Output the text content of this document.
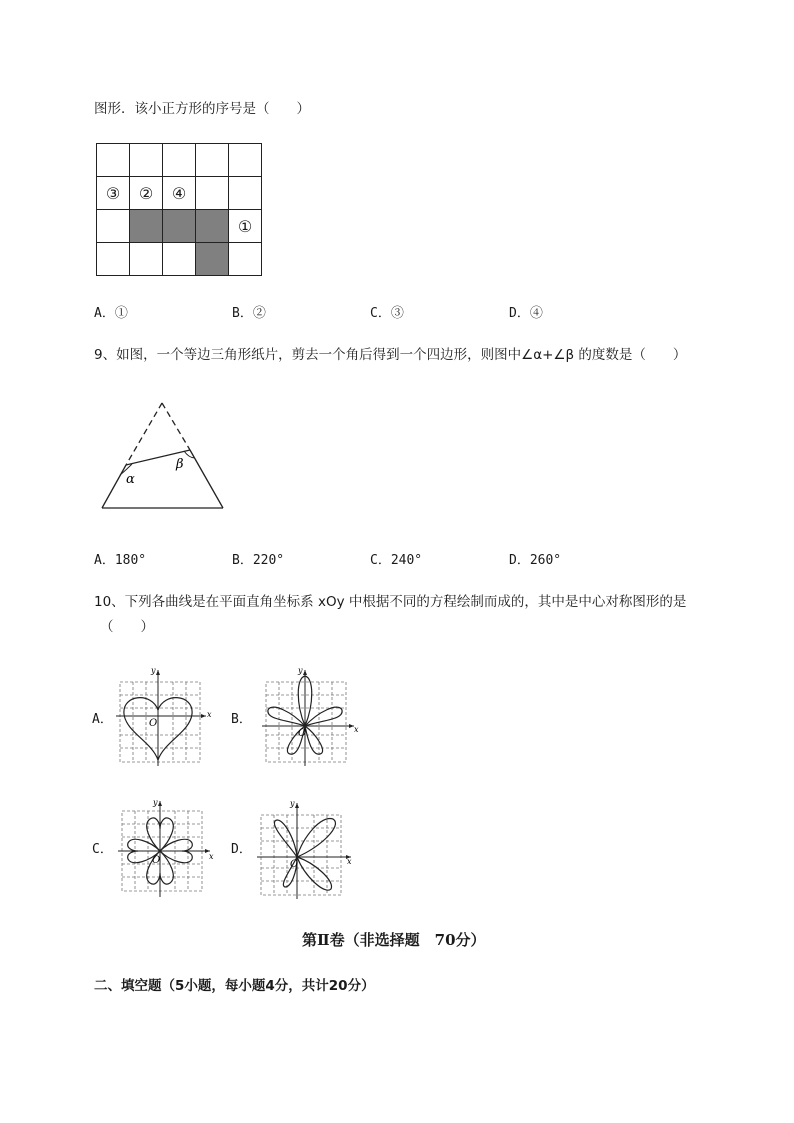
图形．该小正方形的序号是（　　）
③	②	④
①
A．①	B．②	C．③	D．④
9、如图，一个等边三角形纸片，剪去一个角后得到一个四边形，则图中∠α+∠β 的度数是（　　）
α
β
A．180°	B．220°	C．240°	D．260°
10、下列各曲线是在平面直角坐标系 xOy 中根据不同的方程绘制而成的，其中是中心对称图形的是
（　　）
A．	B．
C．	D．
x
y
O
x
y
O
x
y
O	x
y
O
第Ⅱ卷（非选择题　70分）
二、填空题（5小题，每小题4分，共计20分）
